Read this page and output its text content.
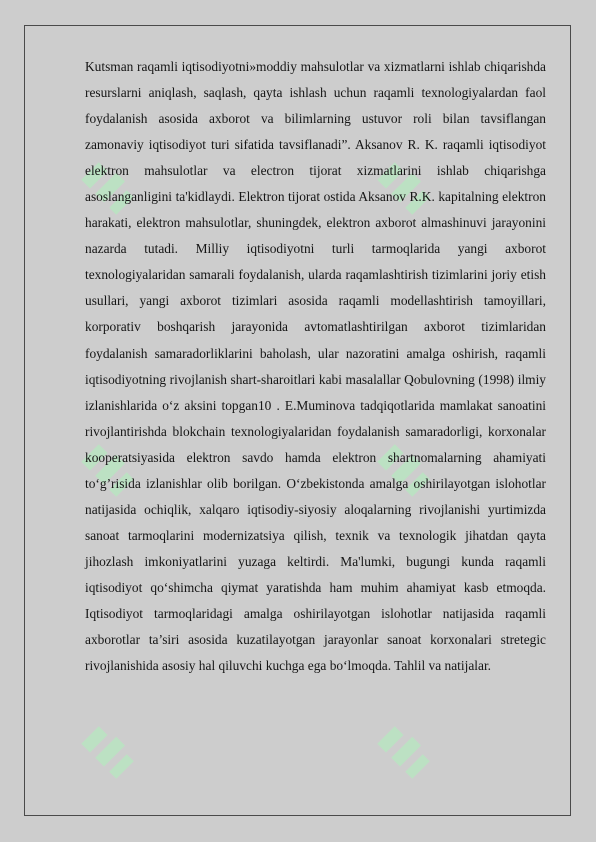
Kutsman raqamli iqtisodiyotni»moddiy mahsulotlar va xizmatlarni ishlab chiqarishda resurslarni aniqlash, saqlash, qayta ishlash uchun raqamli texnologiyalardan faol foydalanish asosida axborot va bilimlarning ustuvor roli bilan tavsiflangan zamonaviy iqtisodiyot turi sifatida tavsiflanadi”. Aksanov R. K. raqamli iqtisodiyot elektron mahsulotlar va electron tijorat xizmatlarini ishlab chiqarishga asoslanganligini ta'kidlaydi. Elektron tijorat ostida Aksanov R.K. kapitalning elektron harakati, elektron mahsulotlar, shuningdek, elektron axborot almashinuvi jarayonini nazarda tutadi. Milliy iqtisodiyotni turli tarmoqlarida yangi axborot texnologiyalaridan samarali foydalanish, ularda raqamlashtirish tizimlarini joriy etish usullari, yangi axborot tizimlari asosida raqamli modellashtirish tamoyillari, korporativ boshqarish jarayonida avtomatlashtirilgan axborot tizimlaridan foydalanish samaradorliklarini baholash, ular nazoratini amalga oshirish, raqamli iqtisodiyotning rivojlanish shart-sharoitlari kabi masalallar Qobulovning (1998) ilmiy izlanishlarida o‘z aksini topgan10 . E.Muminova tadqiqotlarida mamlakat sanoatini rivojlantirishda blokchain texnologiyalaridan foydalanish samaradorligi, korxonalar kooperatsiyasida elektron savdo hamda elektron shartnomalarning ahamiyati to‘g’risida izlanishlar olib borilgan. O‘zbekistonda amalga oshirilayotgan islohotlar natijasida ochiqlik, xalqaro iqtisodiy-siyosiy aloqalarning rivojlanishi yurtimizda sanoat tarmoqlarini modernizatsiya qilish, texnik va texnologik jihatdan qayta jihozlash imkoniyatlarini yuzaga keltirdi. Ma'lumki, bugungi kunda raqamli iqtisodiyot qo‘shimcha qiymat yaratishda ham muhim ahamiyat kasb etmoqda. Iqtisodiyot tarmoqlaridagi amalga oshirilayotgan islohotlar natijasida raqamli axborotlar ta’siri asosida kuzatilayotgan jarayonlar sanoat korxonalari stretegic rivojlanishida asosiy hal qiluvchi kuchga ega bo‘lmoqda. Tahlil va natijalar.
